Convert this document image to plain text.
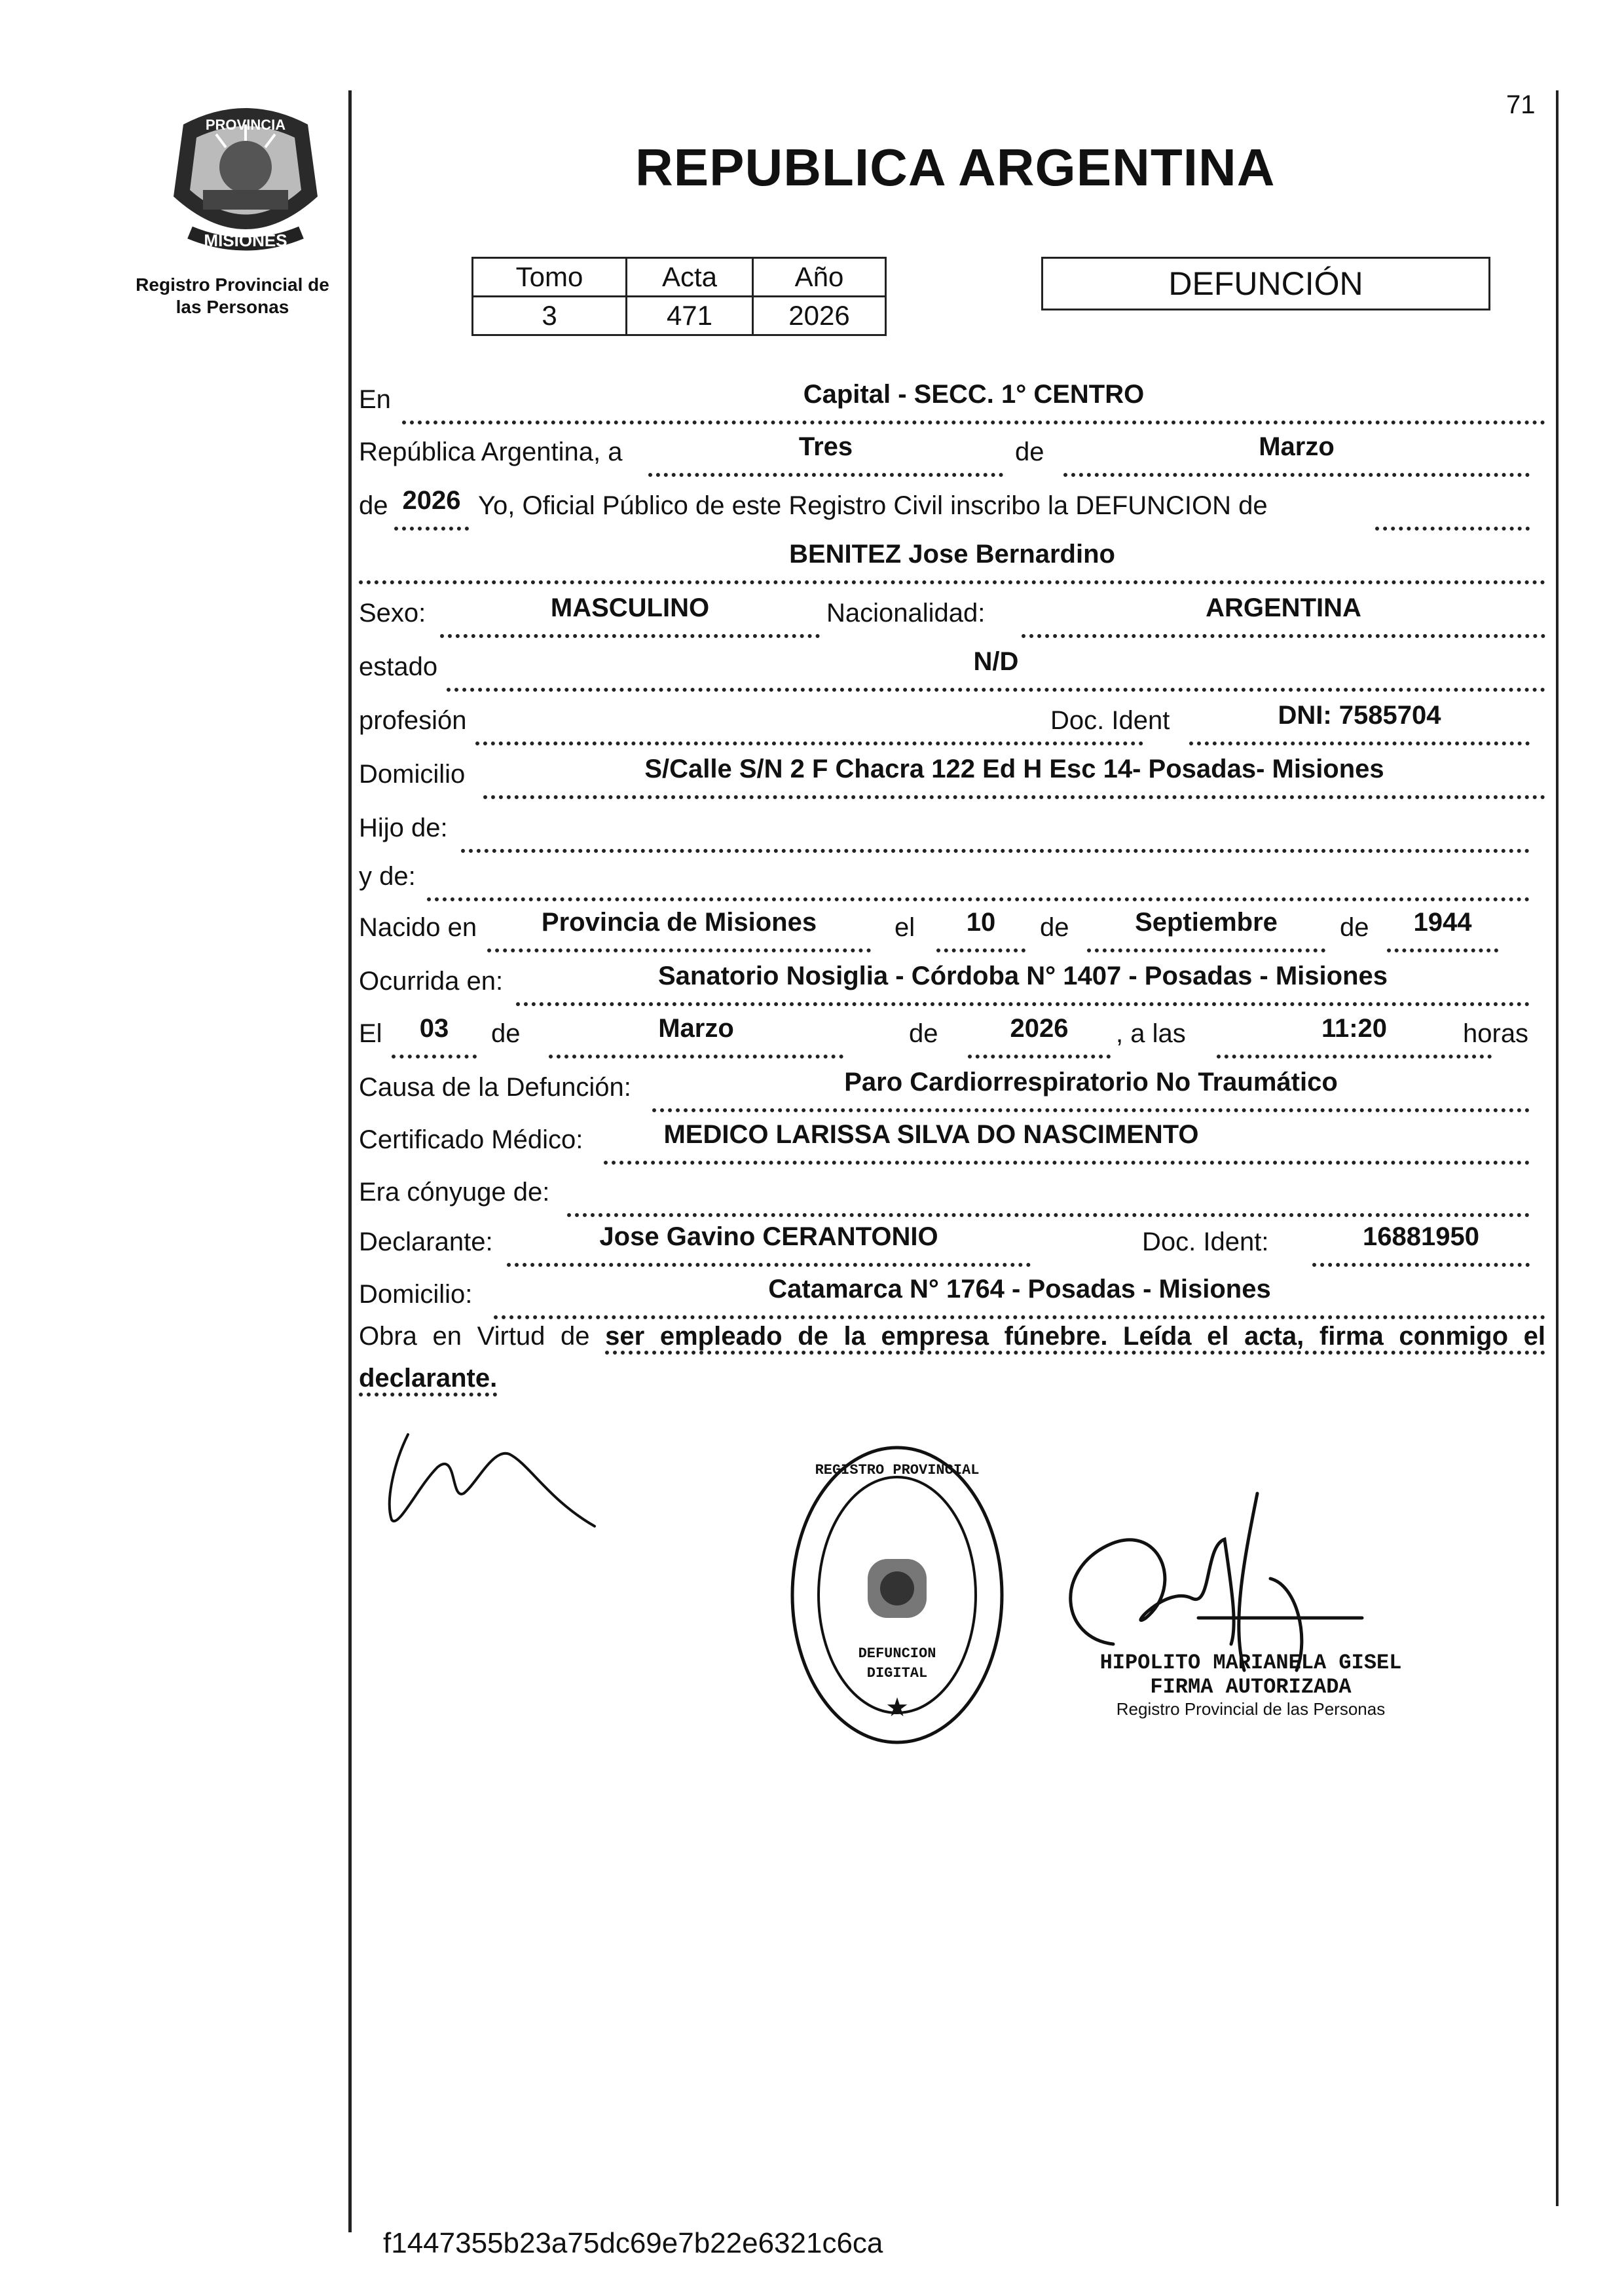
71
PROVINCIA
MISIONES
Registro Provincial de
las Personas
REPUBLICA ARGENTINA
Tomo	Acta	Año
3	471	2026
DEFUNCIÓN
En	Capital - SECC. 1° CENTRO
República Argentina, a	Tres	de	Marzo
de 2026 Yo, Oficial Público de este Registro Civil inscribo la DEFUNCION de
BENITEZ Jose Bernardino
Sexo:	MASCULINO	Nacionalidad:	ARGENTINA
estado	N/D
profesión	Doc. Ident	DNI: 7585704
Domicilio	S/Calle S/N 2 F Chacra 122 Ed H Esc 14- Posadas- Misiones
Hijo de:
y de:
Nacido en	Provincia de Misiones	el	10	de	Septiembre	de	1944
Ocurrida en:	Sanatorio Nosiglia - Córdoba N° 1407 - Posadas - Misiones
El	03	de	Marzo	de	2026	, a las	11:20	horas
Causa de la Defunción:	Paro Cardiorrespiratorio No Traumático
Certificado Médico:	MEDICO LARISSA SILVA DO NASCIMENTO
Era cónyuge de:
Declarante:	Jose Gavino CERANTONIO	Doc. Ident:	16881950
Domicilio:	Catamarca N° 1764 - Posadas - Misiones
Obra en Virtud de ser empleado de la empresa fúnebre. Leída el acta, firma conmigo el declarante.
★
REGISTRO PROVINCIAL
DEFUNCION
DIGITAL	HIPOLITO MARIANELA GISEL
FIRMA AUTORIZADA
Registro Provincial de las Personas
f1447355b23a75dc69e7b22e6321c6ca
